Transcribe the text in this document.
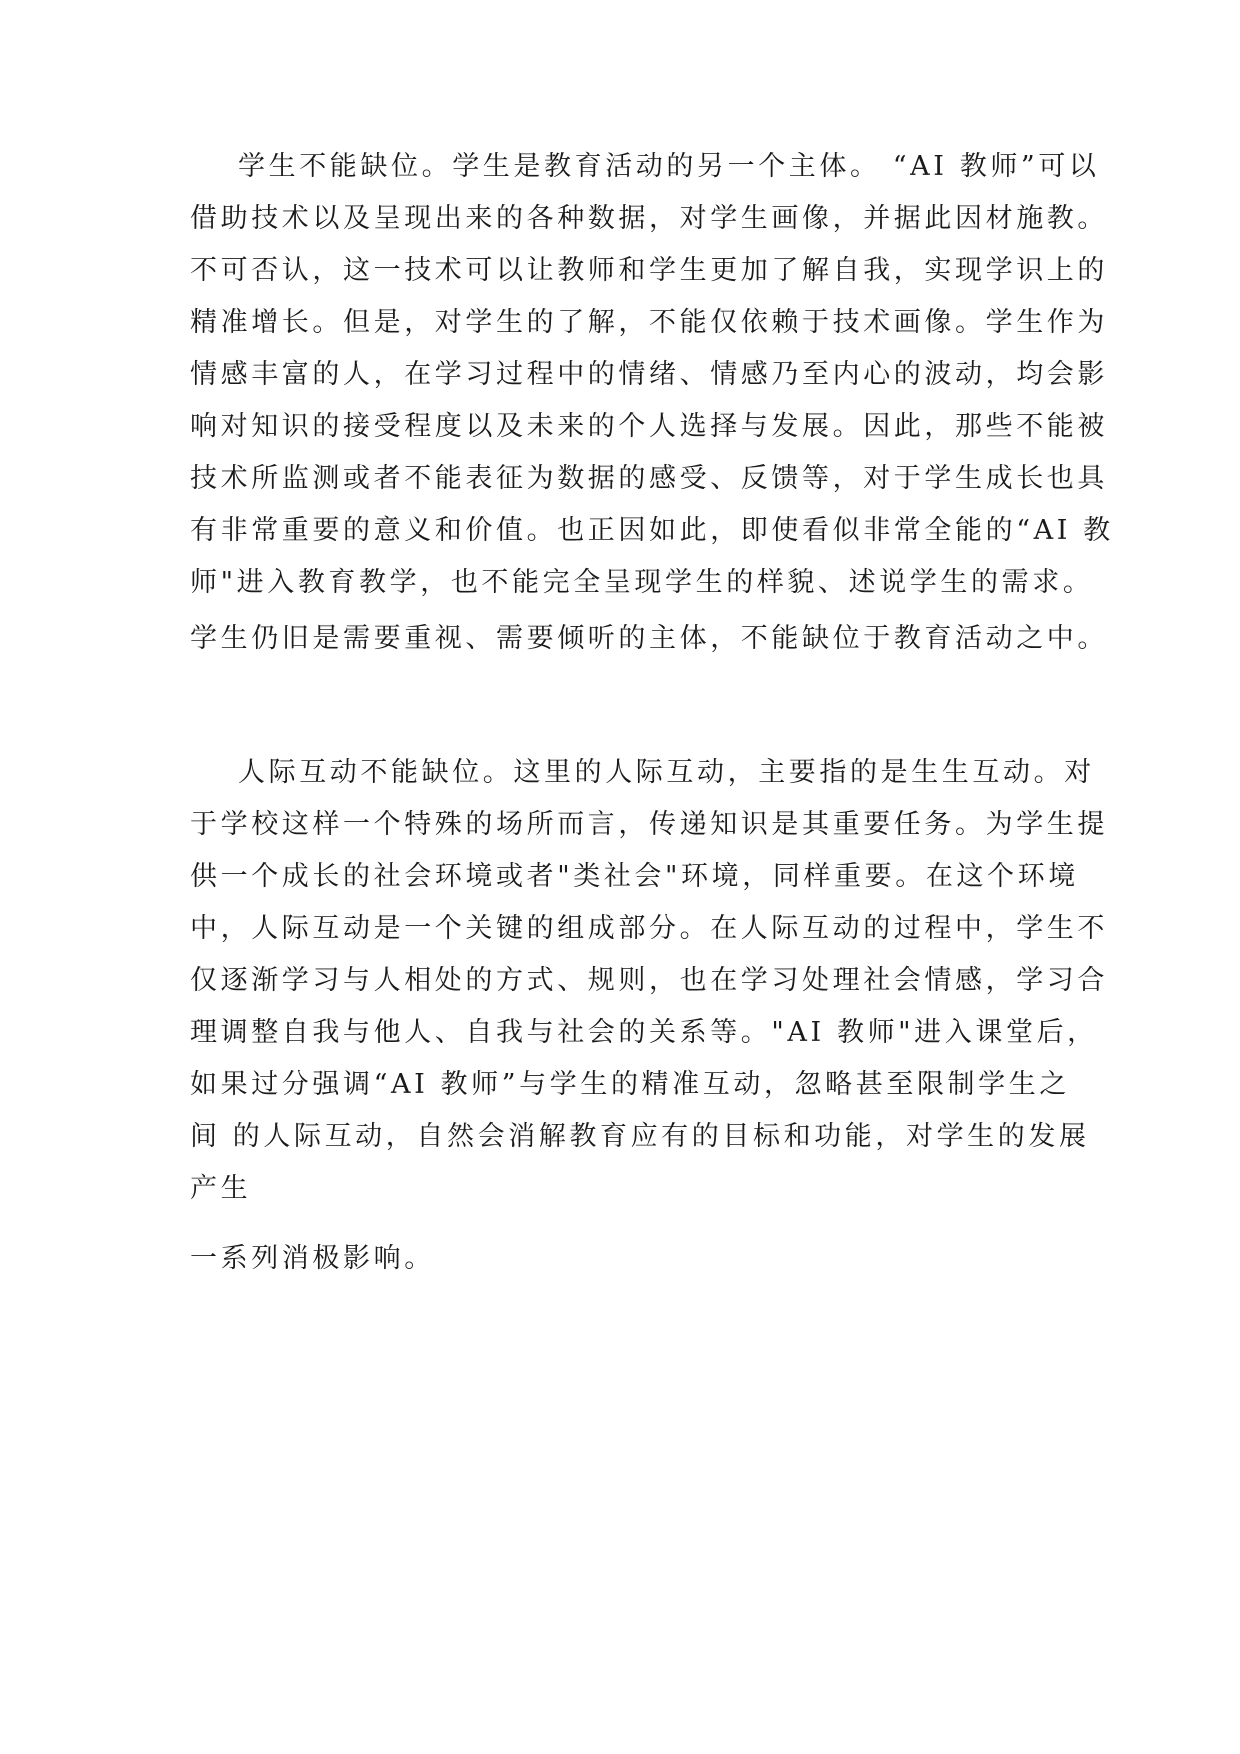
学生不能缺位。学生是教育活动的另一个主体。 “AI 教师”可以
借助技术以及呈现出来的各种数据，对学生画像，并据此因材施教。
不可否认，这一技术可以让教师和学生更加了解自我，实现学识上的
精准增长。但是，对学生的了解，不能仅依赖于技术画像。学生作为
情感丰富的人，在学习过程中的情绪、情感乃至内心的波动，均会影
响对知识的接受程度以及未来的个人选择与发展。因此，那些不能被
技术所监测或者不能表征为数据的感受、反馈等，对于学生成长也具
有非常重要的意义和价值。也正因如此，即使看似非常全能的“AI 教
师"进入教育教学，也不能完全呈现学生的样貌、述说学生的需求。
学生仍旧是需要重视、需要倾听的主体，不能缺位于教育活动之中。
人际互动不能缺位。这里的人际互动，主要指的是生生互动。对
于学校这样一个特殊的场所而言，传递知识是其重要任务。为学生提
供一个成长的社会环境或者"类社会"环境，同样重要。在这个环境
中，人际互动是一个关键的组成部分。在人际互动的过程中，学生不
仅逐渐学习与人相处的方式、规则，也在学习处理社会情感，学习合
理调整自我与他人、自我与社会的关系等。"AI 教师"进入课堂后，
如果过分强调“AI 教师”与学生的精准互动，忽略甚至限制学生之
间 的人际互动，自然会消解教育应有的目标和功能，对学生的发展
产生
一系列消极影响。
